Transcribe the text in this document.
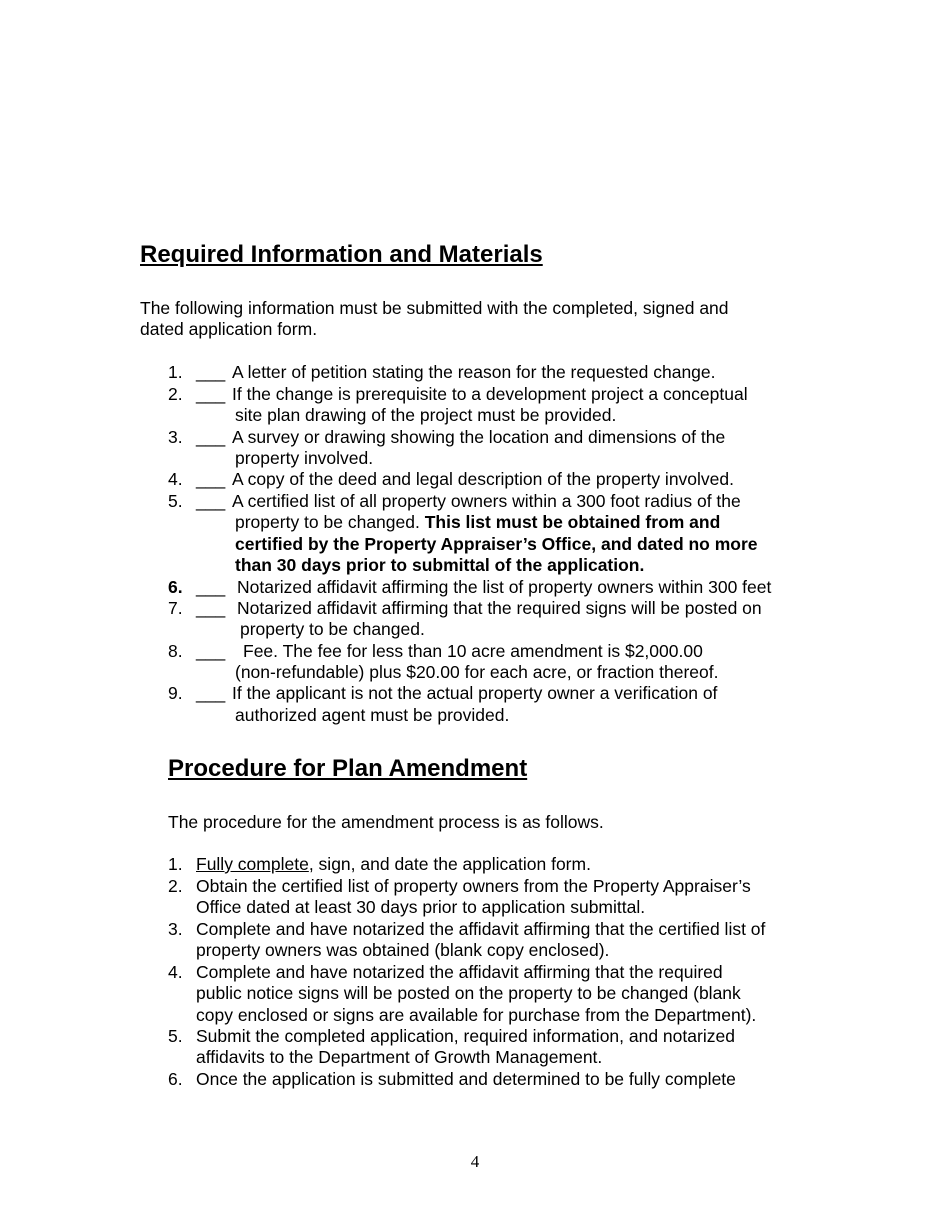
Required Information and Materials

The following information must be submitted with the completed, signed and

dated application form.

1. ___ A letter of petition stating the reason for the requested change.
2. ___ If the change is prerequisite to a development project a conceptual
site plan drawing of the project must be provided.
3. ___ A survey or drawing showing the location and dimensions of the
property involved.
4. ___ A copy of the deed and legal description of the property involved.
5. ___ A certified list of all property owners within a 300 foot radius of the
property to be changed. This list must be obtained from and
certified by the Property Appraiser’s Office, and dated no more
than 30 days prior to submittal of the application.
6. ___ Notarized affidavit affirming the list of property owners within 300 feet
7. ___ Notarized affidavit affirming that the required signs will be posted on
property to be changed.
8. ___ Fee. The fee for less than 10 acre amendment is $2,000.00
(non-refundable) plus $20.00 for each acre, or fraction thereof.
9. ___ If the applicant is not the actual property owner a verification of
authorized agent must be provided.
Procedure for Plan Amendment

The procedure for the amendment process is as follows.

1. Fully complete, sign, and date the application form.
2. Obtain the certified list of property owners from the Property Appraiser’s
Office dated at least 30 days prior to application submittal.
3. Complete and have notarized the affidavit affirming that the certified list of
property owners was obtained (blank copy enclosed).
4. Complete and have notarized the affidavit affirming that the required
public notice signs will be posted on the property to be changed (blank
copy enclosed or signs are available for purchase from the Department).
5. Submit the completed application, required information, and notarized
affidavits to the Department of Growth Management.
6. Once the application is submitted and determined to be fully complete
4
